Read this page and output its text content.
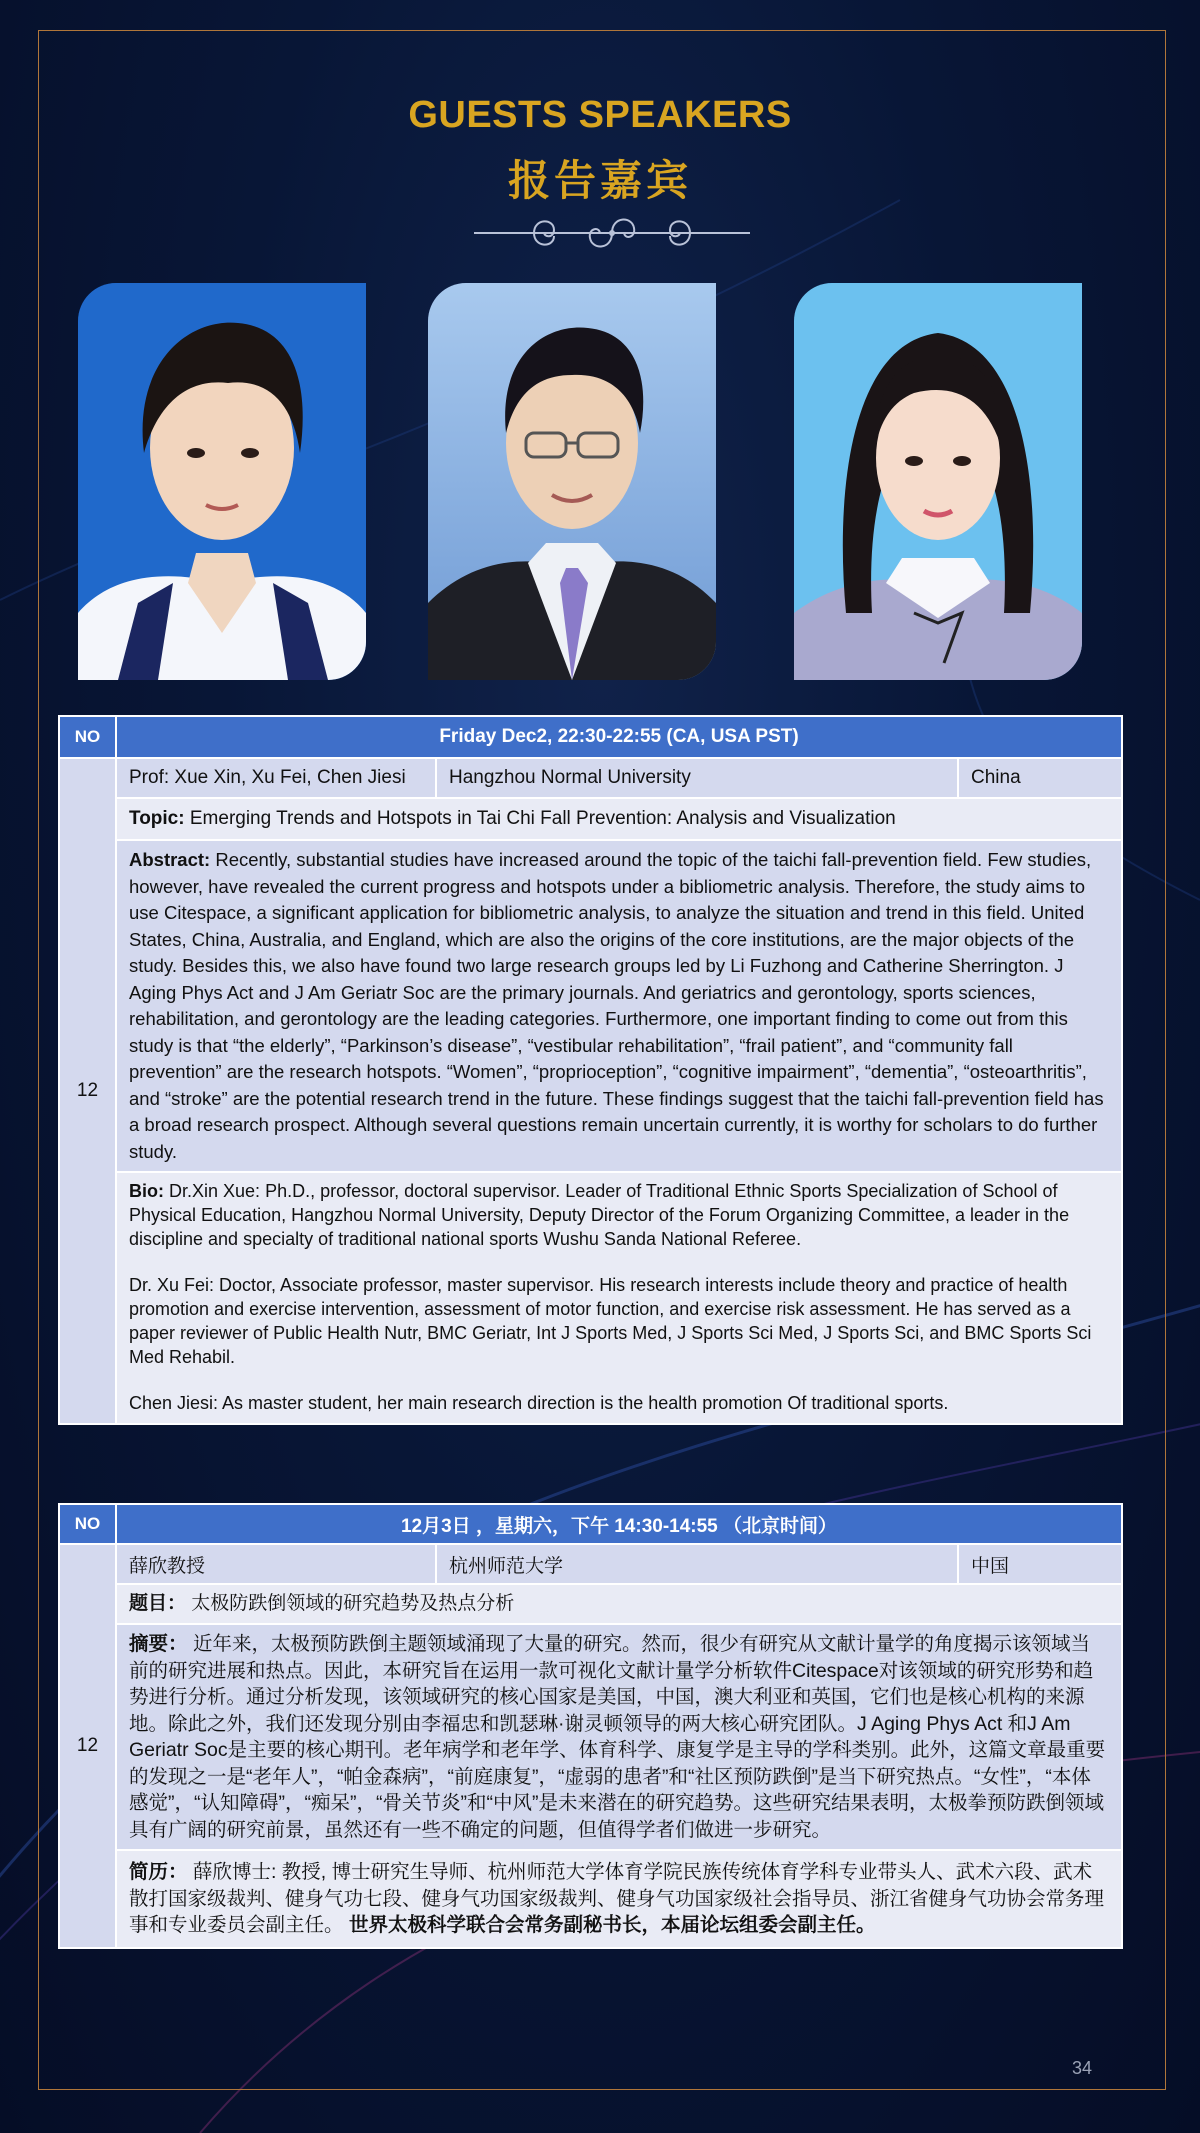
GUESTS SPEAKERS
报告嘉宾
NO	Friday Dec2, 22:30-22:55 (CA, USA PST)		
12	Prof: Xue Xin, Xu Fei, Chen Jiesi	Hangzhou Normal University	China
	Topic: Emerging Trends and Hotspots in Tai Chi Fall Prevention: Analysis and Visualization		
	Abstract: Recently, substantial studies have increased around the topic of the taichi fall-prevention field. Few studies, however, have revealed the current progress and hotspots under a bibliometric analysis. Therefore, the study aims to use Citespace, a significant application for bibliometric analysis, to analyze the situation and trend in this field. United States, China, Australia, and England, which are also the origins of the core institutions, are the major objects of the study. Besides this, we also have found two large research groups led by Li Fuzhong and Catherine Sherrington. J Aging Phys Act and J Am Geriatr Soc are the primary journals. And geriatrics and gerontology, sports sciences, rehabilitation, and gerontology are the leading categories. Furthermore, one important finding to come out from this study is that “the elderly”, “Parkinson’s disease”, “vestibular rehabilitation”, “frail patient”, and “community fall prevention” are the research hotspots. “Women”, “proprioception”, “cognitive impairment”, “dementia”, “osteoarthritis”, and “stroke” are the potential research trend in the future. These findings suggest that the taichi fall-prevention field has a broad research prospect. Although several questions remain uncertain currently, it is worthy for scholars to do further study.		

	Bio: Dr.Xin Xue: Ph.D., professor, doctoral supervisor. Leader of Traditional Ethnic Sports Specialization of School of Physical Education, Hangzhou Normal University, Deputy Director of the Forum Organizing Committee, a leader in the discipline and specialty of traditional national sports Wushu Sanda National Referee.
Dr. Xu Fei: Doctor, Associate professor, master supervisor. His research interests include theory and practice of health promotion and exercise intervention, assessment of motor function, and exercise risk assessment. He has served as a paper reviewer of Public Health Nutr, BMC Geriatr, Int J Sports Med, J Sports Sci Med, J Sports Sci, and BMC Sports Sci Med Rehabil.
Chen Jiesi: As master student, her main research direction is the health promotion Of traditional sports.		
NO	12月3日 ，星期六，下午 14:30-14:55 （北京时间）		
12	薛欣教授	杭州师范大学	中国
	题目： 太极防跌倒领域的研究趋势及热点分析		
	摘要： 近年来，太极预防跌倒主题领域涌现了大量的研究。然而，很少有研究从文献计量学的角度揭示该领域当前的研究进展和热点。因此，本研究旨在运用一款可视化文献计量学分析软件Citespace对该领域的研究形势和趋势进行分析。通过分析发现，该领域研究的核心国家是美国，中国，澳大利亚和英国，它们也是核心机构的来源地。除此之外，我们还发现分别由李福忠和凯瑟琳·谢灵顿领导的两大核心研究团队。J Aging Phys Act 和J Am Geriatr Soc是主要的核心期刊。老年病学和老年学、体育科学、康复学是主导的学科类别。此外，这篇文章最重要的发现之一是“老年人”，“帕金森病”，“前庭康复”，“虚弱的患者”和“社区预防跌倒”是当下研究热点。“女性”，“本体感觉”，“认知障碍”，“痴呆”，“骨关节炎”和“中风”是未来潜在的研究趋势。这些研究结果表明，太极拳预防跌倒领域具有广阔的研究前景，虽然还有一些不确定的问题，但值得学者们做进一步研究。		
	简历： 薛欣博士: 教授, 博士研究生导师、杭州师范大学体育学院民族传统体育学科专业带头人、武术六段、武术散打国家级裁判、健身气功七段、健身气功国家级裁判、健身气功国家级社会指导员、浙江省健身气功协会常务理事和专业委员会副主任。 世界太极科学联合会常务副秘书长，本届论坛组委会副主任。		
34
